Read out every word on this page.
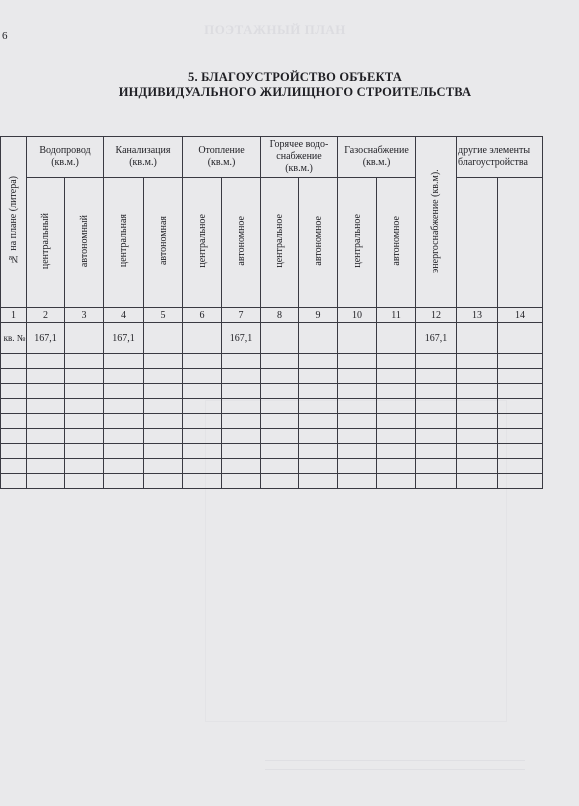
6	ПОЭТАЖНЫЙ ПЛАН
5. БЛАГОУСТРОЙСТВО ОБЪЕКТА
ИНДИВИДУАЛЬНОГО ЖИЛИЩНОГО СТРОИТЕЛЬСТВА
№ на плане (литера)	Водопровод (кв.м.)		Канализация (кв.м.)		Отопление (кв.м.)		Горячее водо-снабжение (кв.м.)		Газоснабжение (кв.м.)		энергоснабжение (кв.м).	другие элементы благоустройства	
	центральный	автономный	центральная	автономная	центральное	автономное	центральное	автономное	центральное	автономное			
1	2	3	4	5	6	7	8	9	10	11	12	13	14
кв. №	167,1		167,1			167,1					167,1		
